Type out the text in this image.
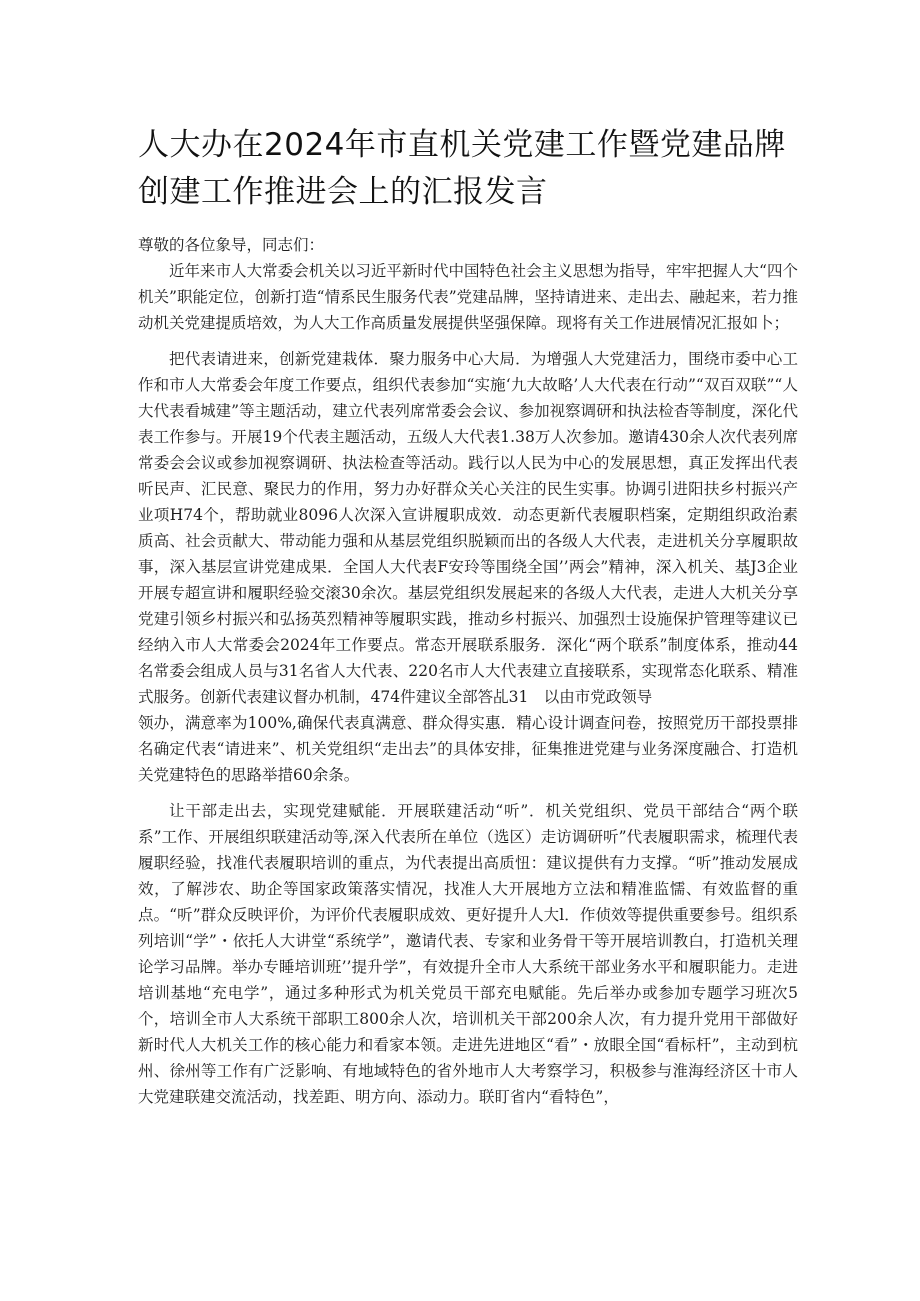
人大办在2024年市直机关党建工作暨党建品牌创建工作推进会上的汇报发言

尊敬的各位象导，同志们：

近年来市人大常委会机关以习近平新时代中国特色社会主义思想为指导，牢牢把握人大“四个机关”职能定位，创新打造“情系民生服务代表”党建品牌，坚持请进来、走出去、融起来，若力推动机关党建提质培效，为人大工作高质量发展提供坚强保障。现将有关工作进展情况汇报如卜；

把代表请进来，创新党建栽体．聚力服务中心大局．为增强人大党建活力，围绕市委中心工作和市人大常委会年度工作要点，组织代表参加“实施‘九大故略’人大代表在行动”“双百双联”“人大代表看城建”等主题活动，建立代表列席常委会会议、参加视察调研和执法检杳等制度，深化代表工作参与。开展19个代表主题活动，五级人大代表1.38万人次参加。邀请430余人次代表列席常委会会议或参加视察调研、执法检查等活动。践行以人民为中心的发展思想，真正发挥出代表听民声、汇民意、聚民力的作用，努力办好群众关心关注的民生实事。协调引进阳扶乡村振兴产业项H74个，帮助就业8096人次深入宣讲履职成效．动态更新代表履职档案，定期组织政治素质高、社会贡献大、带动能力强和从基层党组织脱颖而出的各级人大代表，走进机关分享履职故事，深入基层宣讲党建成果．全国人大代表F安玲等围绕全国’’两会”精神，深入机关、基J3企业开展专超宣讲和履职经验交滚30余次。基层党组织发展起来的各级人大代表，走进人大机关分享党建引领乡村振兴和弘扬英烈精神等履职实践，推动乡村振兴、加强烈士设施保护管理等建议已经纳入市人大常委会2024年工作要点。常态开展联系服务．深化“两个联系”制度体系，推动44名常委会组成人员与31名省人大代表、220名市人大代表建立直接联系，实现常态化联系、精准式服务。创新代表建议督办机制，474件建议全部答乩31　以由市党政领导

领办，满意率为100%,确保代表真满意、群众得实惠．精心设计调查问卷，按照党历干部投票排名确定代表“请进来”、机关党组织“走出去”的具体安排，征集推进党建与业务深度融合、打造机关党建特色的思路举措60余条。

让干部走出去，实现党建赋能．开展联建活动“听”．机关党组织、党员干部结合“两个联系”工作、开展组织联建活动等,深入代表所在单位（选区）走访调研听”代表履职需求，梳理代表履职经验，找准代表履职培训的重点，为代表提出高质忸：建议提供有力支撑。“听”推动发展成效，了解涉农、助企等国家政策落实情况，找准人大开展地方立法和精准监懦、有效监督的重点。“听”群众反映评价，为评价代表履职成效、更好提升人大l．作侦效等提供重要参号。组织系列培训“学”・依托人大讲堂“系统学”，邀请代表、专家和业务骨干等开展培训教白，打造机关理论学习品牌。举办专睡培训班’’提升学”，有效提升全市人大系统干部业务水平和履职能力。走进培训基地“充电学”，通过多种形式为机关党员干部充电赋能。先后举办或参加专题学习班次5个，培训全市人大系统干部职工800余人次，培训机关干部200余人次，有力提升党用干部做好新时代人大机关工作的核心能力和看家本领。走进先进地区“看”・放眼全国“看标杆”，主动到杭州、徐州等工作有广泛影响、有地域特色的省外地市人大考察学习，积极参与淮海经济区十市人大党建联建交流活动，找差距、明方向、添动力。联盯省内“看特色”，
